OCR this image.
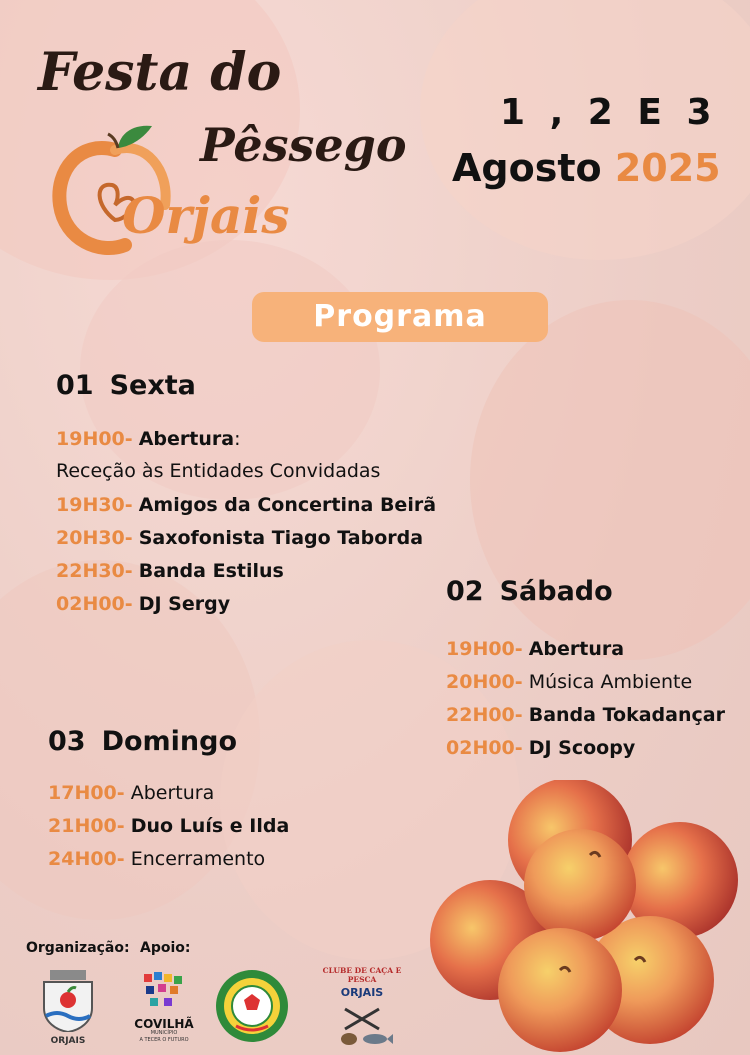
Festa do
Pêssego
Orjais
1 , 2 E 3
Agosto 2025
Programa
01 Sexta
19H00- Abertura:
Receção às Entidades Convidadas
19H30- Amigos da Concertina Beirã
20H30- Saxofonista Tiago Taborda
22H30- Banda Estilus
02H00- DJ Sergy	02 Sábado
19H00- Abertura
20H00- Música Ambiente
22H00- Banda Tokadançar
02H00- DJ Scoopy
03 Domingo
17H00- Abertura
21H00- Duo Luís e Ilda
24H00- Encerramento
Organização: Apoio:
ORJAIS
COVILHÃ
MUNICÍPIO
A TECER O FUTURO
CLUBE DE CAÇA E PESCA
ORJAIS
